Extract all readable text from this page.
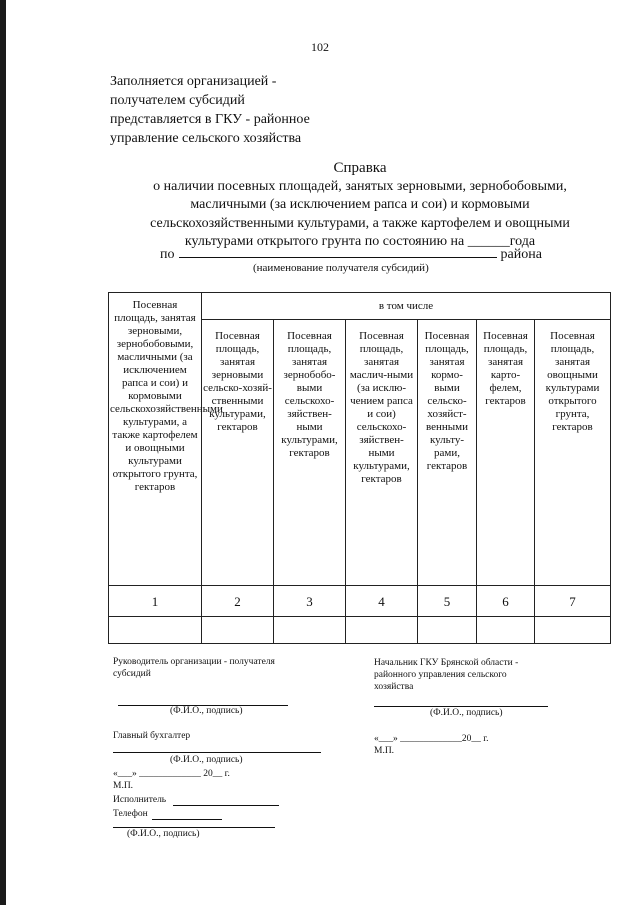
102
Заполняется организацией -
получателем субсидий
представляется в ГКУ - районное
управление сельского хозяйства
Справка
о наличии посевных площадей, занятых зерновыми, зернобобовыми,
масличными (за исключением рапса и сои) и кормовыми
сельскохозяйственными культурами, а также картофелем и овощными
культурами открытого грунта по состоянию на ______года
по	района
(наименование получателя субсидий)
Посевная площадь, занятая зерновыми, зернобобовыми, масличными (за исключением рапса и сои) и кормовыми сельскохозяйственными культурами, а также картофелем и овощными культурами открытого грунта, гектаров	в том числе					
	Посевная площадь, занятая зерновыми сельско-хозяй-ственными культурами, гектаров	Посевная площадь, занятая зернобобо-выми сельскохо-зяйствен-ными культурами, гектаров	Посевная площадь, занятая маслич-ными (за исклю-чением рапса и сои) сельскохо-зяйствен-ными культурами, гектаров	Посевная площадь, занятая кормо-выми сельско-хозяйст-венными культу-рами, гектаров	Посевная площадь, занятая карто-фелем, гектаров	Посевная площадь, занятая овощными культурами открытого грунта, гектаров
1	2	3	4	5	6	7

Руководитель организации - получателя
субсидий
(Ф.И.О., подпись)
Главный бухгалтер
(Ф.И.О., подпись)
«___» _____________ 20__ г.
М.П.
Исполнитель
Телефон
(Ф.И.О., подпись)
Начальник ГКУ Брянской области -
районного управления сельского
хозяйства
(Ф.И.О., подпись)
«___» _____________20__ г.
М.П.
